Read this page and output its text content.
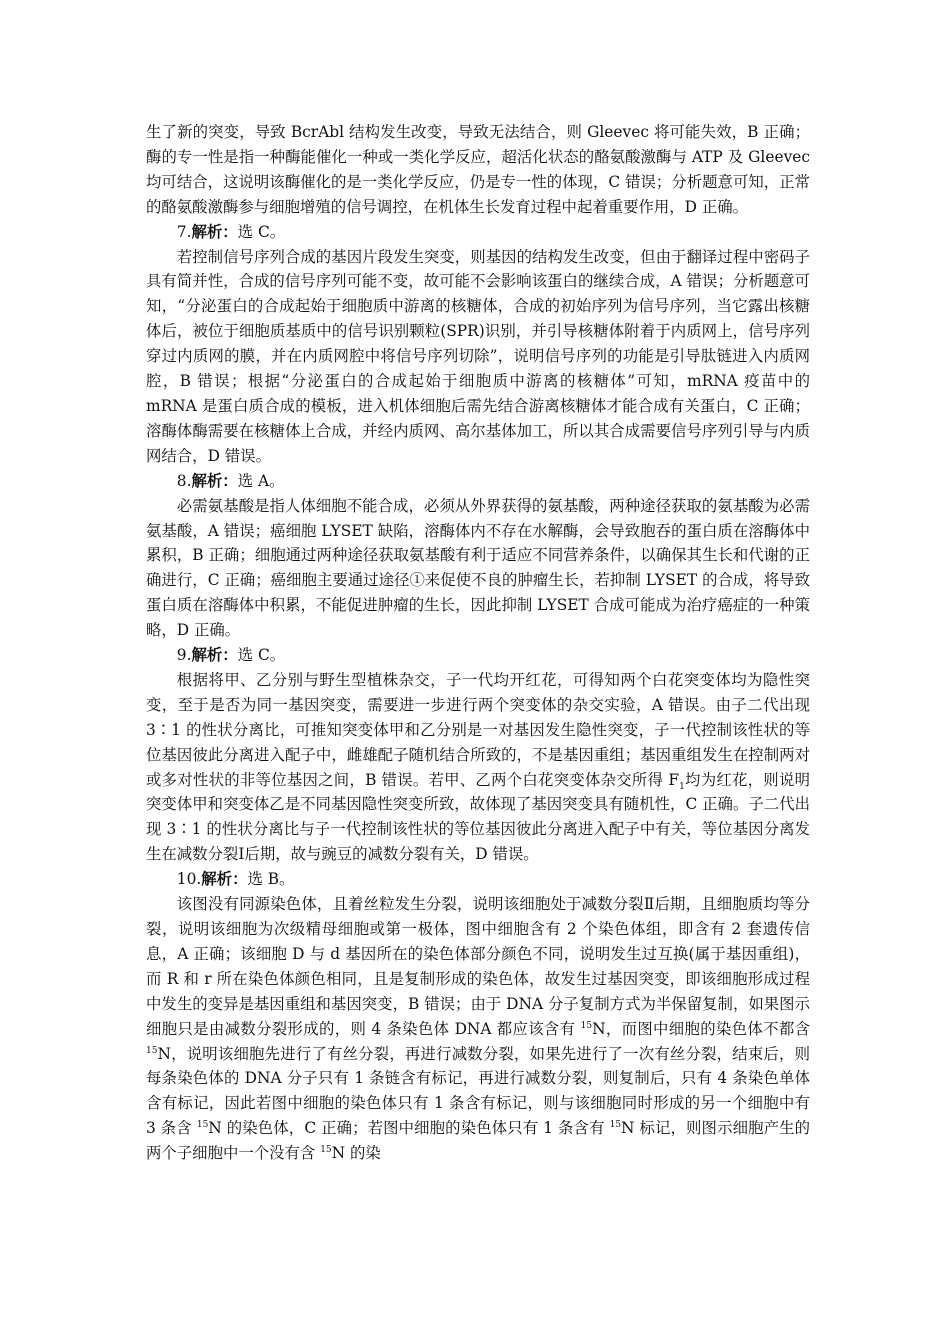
生了新的突变，导致 BcrAbl 结构发生改变，导致无法结合，则 Gleevec 将可能失效，B 正确；酶的专一性是指一种酶能催化一种或一类化学反应，超活化状态的酪氨酸激酶与 ATP 及 Gleevec 均可结合，这说明该酶催化的是一类化学反应，仍是专一性的体现，C 错误；分析题意可知，正常的酪氨酸激酶参与细胞增殖的信号调控，在机体生长发育过程中起着重要作用，D 正确。

7.解析：选 C。

若控制信号序列合成的基因片段发生突变，则基因的结构发生改变，但由于翻译过程中密码子具有简并性，合成的信号序列可能不变，故可能不会影响该蛋白的继续合成，A 错误；分析题意可知，“分泌蛋白的合成起始于细胞质中游离的核糖体，合成的初始序列为信号序列，当它露出核糖体后，被位于细胞质基质中的信号识别颗粒(SPR)识别，并引导核糖体附着于内质网上，信号序列穿过内质网的膜，并在内质网腔中将信号序列切除”，说明信号序列的功能是引导肽链进入内质网腔，B 错误；根据“分泌蛋白的合成起始于细胞质中游离的核糖体”可知，mRNA 疫苗中的 mRNA 是蛋白质合成的模板，进入机体细胞后需先结合游离核糖体才能合成有关蛋白，C 正确；溶酶体酶需要在核糖体上合成，并经内质网、高尔基体加工，所以其合成需要信号序列引导与内质网结合，D 错误。

8.解析：选 A。

必需氨基酸是指人体细胞不能合成，必须从外界获得的氨基酸，两种途径获取的氨基酸为必需氨基酸，A 错误；癌细胞 LYSET 缺陷，溶酶体内不存在水解酶，会导致胞吞的蛋白质在溶酶体中累积，B 正确；细胞通过两种途径获取氨基酸有利于适应不同营养条件，以确保其生长和代谢的正确进行，C 正确；癌细胞主要通过途径①来促使不良的肿瘤生长，若抑制 LYSET 的合成，将导致蛋白质在溶酶体中积累，不能促进肿瘤的生长，因此抑制 LYSET 合成可能成为治疗癌症的一种策略，D 正确。

9.解析：选 C。

根据将甲、乙分别与野生型植株杂交，子一代均开红花，可得知两个白花突变体均为隐性突变，至于是否为同一基因突变，需要进一步进行两个突变体的杂交实验，A 错误。由子二代出现 3∶1 的性状分离比，可推知突变体甲和乙分别是一对基因发生隐性突变，子一代控制该性状的等位基因彼此分离进入配子中，雌雄配子随机结合所致的，不是基因重组；基因重组发生在控制两对或多对性状的非等位基因之间，B 错误。若甲、乙两个白花突变体杂交所得 $F_1$均为红花，则说明突变体甲和突变体乙是不同基因隐性突变所致，故体现了基因突变具有随机性，C 正确。子二代出现 3∶1 的性状分离比与子一代控制该性状的等位基因彼此分离进入配子中有关，等位基因分离发生在减数分裂Ⅰ后期，故与豌豆的减数分裂有关，D 错误。

10.解析：选 B。

该图没有同源染色体，且着丝粒发生分裂，说明该细胞处于减数分裂Ⅱ后期，且细胞质均等分裂，说明该细胞为次级精母细胞或第一极体，图中细胞含有 2 个染色体组，即含有 2 套遗传信息，A 正确；该细胞 D 与 d 基因所在的染色体部分颜色不同，说明发生过互换(属于基因重组)，而 R 和 r 所在染色体颜色相同，且是复制形成的染色体，故发生过基因突变，即该细胞形成过程中发生的变异是基因重组和基因突变，B 错误；由于 DNA 分子复制方式为半保留复制，如果图示细胞只是由减数分裂形成的，则 4 条染色体 DNA 都应该含有 $^{15}$N，而图中细胞的染色体不都含 $^{15}$N，说明该细胞先进行了有丝分裂，再进行减数分裂，如果先进行了一次有丝分裂，结束后，则每条染色体的 DNA 分子只有 1 条链含有标记，再进行减数分裂，则复制后，只有 4 条染色单体含有标记，因此若图中细胞的染色体只有 1 条含有标记，则与该细胞同时形成的另一个细胞中有 3 条含 $^{15}$N 的染色体，C 正确；若图中细胞的染色体只有 1 条含有 $^{15}$N 标记，则图示细胞产生的两个子细胞中一个没有含 $^{15}$N 的染
